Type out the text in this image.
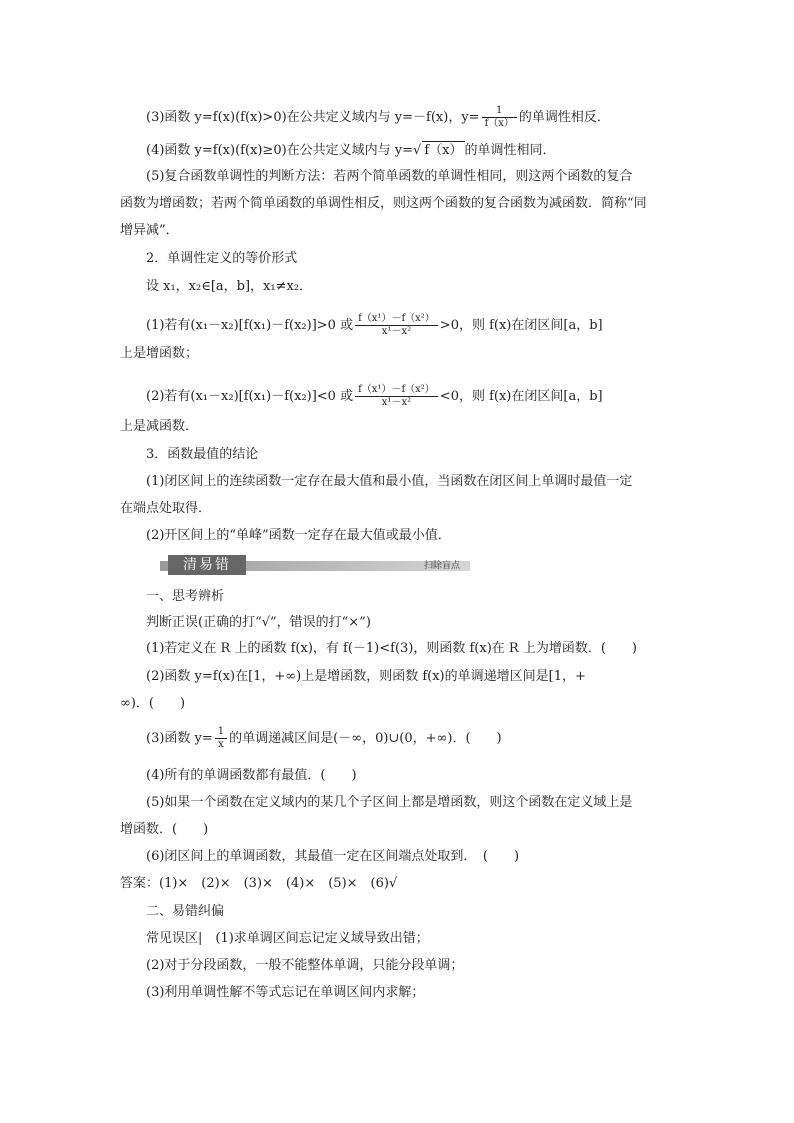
(3)函数 y=f(x)(f(x)>0)在公共定义域内与 y=－f(x)，$y= \frac{1}{f(x)}$ 的单调性相反．
(4)函数 y=f(x)(f(x)≥0)在公共定义域内与 y=√ f（x） 的单调性相同．
(5)复合函数单调性的判断方法：若两个简单函数的单调性相同，则这两个函数的复合
函数为增函数；若两个简单函数的单调性相反，则这两个函数的复合函数为减函数．简称“同
增异减”．
2．单调性定义的等价形式
设 x₁，x₂∈[a，b]，x₁≠x₂．
(1)若有(x₁－x₂)[f(x₁)－f(x₂)]>0 或 $\frac{\text{f（x¹）－f（x²）}}{\text{x¹－x²}} >0$，则 f(x)在闭区间[a，b]
上是增函数；
(2)若有(x₁－x₂)[f(x₁)－f(x₂)]<0 或 $\frac{\text{f（x¹）－f（x²）}}{\text{x¹－x²}} <0$，则 f(x)在闭区间[a，b]
上是减函数．
3．函数最值的结论
(1)闭区间上的连续函数一定存在最大值和最小值，当函数在闭区间上单调时最值一定
在端点处取得．
(2)开区间上的“单峰”函数一定存在最大值或最小值．
一、思考辨析
判断正误(正确的打“√”，错误的打“×”)
(1)若定义在 R 上的函数 f(x)，有 f(－1)<f(3)，则函数 f(x)在 R 上为增函数．(　　)
(2)函数 y=f(x)在[1，+∞)上是增函数，则函数 f(x)的单调递增区间是[1，+
∞)．(　　)
(3)函数 $y= \frac{1}{x}$ 的单调递减区间是(－∞，0)∪(0，+∞)．(　　)
(4)所有的单调函数都有最值．(　　)
(5)如果一个函数在定义域内的某几个子区间上都是增函数，则这个函数在定义域上是
增函数．(　　)
(6)闭区间上的单调函数，其最值一定在区间端点处取到．　(　　)
答案：(1)×　(2)×　(3)×　(4)×　(5)×　(6)√
二、易错纠偏
常见误区|　(1)求单调区间忘记定义域导致出错；
(2)对于分段函数，一般不能整体单调，只能分段单调；
(3)利用单调性解不等式忘记在单调区间内求解；
清易错	扫除盲点
